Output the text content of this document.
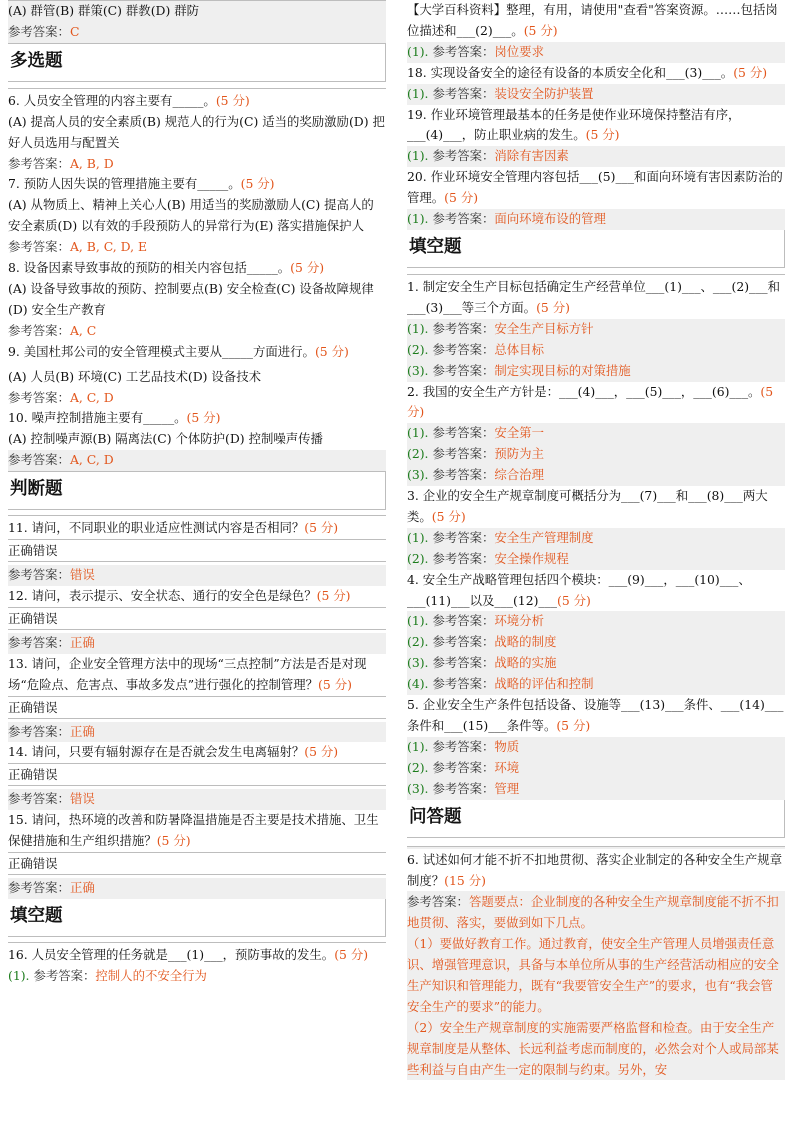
(A) 群管(B) 群策(C) 群教(D) 群防
参考答案：C
多选题
6. 人员安全管理的内容主要有_____。(5 分)
(A) 提高人员的安全素质(B) 规范人的行为(C) 适当的奖励激励(D) 把好人员选用与配置关
参考答案：A, B, D
7. 预防人因失误的管理措施主要有_____。(5 分)
(A) 从物质上、精神上关心人(B) 用适当的奖励激励人(C) 提高人的安全素质(D) 以有效的手段预防人的异常行为(E) 落实措施保护人
参考答案：A, B, C, D, E
8. 设备因素导致事故的预防的相关内容包括_____。(5 分)
(A) 设备导致事故的预防、控制要点(B) 安全检查(C) 设备故障规律(D) 安全生产教育
参考答案：A, C
9. 美国杜邦公司的安全管理模式主要从_____方面进行。(5 分)
(A) 人员(B) 环境(C) 工艺品技术(D) 设备技术
参考答案：A, C, D
10. 噪声控制措施主要有_____。(5 分)
(A) 控制噪声源(B) 隔离法(C) 个体防护(D) 控制噪声传播
参考答案：A, C, D
判断题
11. 请问，不同职业的职业适应性测试内容是否相同？(5 分)
正确错误
参考答案：错误
12. 请问，表示提示、安全状态、通行的安全色是绿色？(5 分)
正确错误
参考答案：正确
13. 请问，企业安全管理方法中的现场“三点控制”方法是否是对现场“危险点、危害点、事故多发点”进行强化的控制管理？(5 分)
正确错误
参考答案：正确
14. 请问，只要有辐射源存在是否就会发生电离辐射？(5 分)
正确错误
参考答案：错误
15. 请问，热环境的改善和防暑降温措施是否主要是技术措施、卫生保健措施和生产组织措施？(5 分)
正确错误
参考答案：正确
填空题
16. 人员安全管理的任务就是___(1)___，预防事故的发生。(5 分)
(1). 参考答案：控制人的不安全行为
【大学百科资料】整理，有用，请使用"查看"答案资源。……包括岗位描述和___(2)___。(5 分)
(1). 参考答案：岗位要求
18. 实现设备安全的途径有设备的本质安全化和___(3)___。(5 分)
(1). 参考答案：装设安全防护装置
19. 作业环境管理最基本的任务是使作业环境保持整洁有序，___(4)___，防止职业病的发生。(5 分)
(1). 参考答案：消除有害因素
20. 作业环境安全管理内容包括___(5)___和面向环境有害因素防治的管理。(5 分)
(1). 参考答案：面向环境布设的管理
填空题
1. 制定安全生产目标包括确定生产经营单位___(1)___、___(2)___和___(3)___等三个方面。(5 分)
(1). 参考答案：安全生产目标方针
(2). 参考答案：总体目标
(3). 参考答案：制定实现目标的对策措施
2. 我国的安全生产方针是：___(4)___，___(5)___，___(6)___。(5 分)
(1). 参考答案：安全第一
(2). 参考答案：预防为主
(3). 参考答案：综合治理
3. 企业的安全生产规章制度可概括分为___(7)___和___(8)___两大类。(5 分)
(1). 参考答案：安全生产管理制度
(2). 参考答案：安全操作规程
4. 安全生产战略管理包括四个模块：___(9)___，___(10)___、___(11)___以及___(12)___(5 分)
(1). 参考答案：环境分析
(2). 参考答案：战略的制度
(3). 参考答案：战略的实施
(4). 参考答案：战略的评估和控制
5. 企业安全生产条件包括设备、设施等___(13)___条件、___(14)___条件和___(15)___条件等。(5 分)
(1). 参考答案：物质
(2). 参考答案：环境
(3). 参考答案：管理
问答题
6. 试述如何才能不折不扣地贯彻、落实企业制定的各种安全生产规章制度？(15 分)
参考答案：答题要点：企业制度的各种安全生产规章制度能不折不扣地贯彻、落实，要做到如下几点。
（1）要做好教育工作。通过教育，使安全生产管理人员增强责任意识、增强管理意识，具备与本单位所从事的生产经营活动相应的安全生产知识和管理能力，既有“我要管安全生产”的要求，也有“我会管安全生产的要求”的能力。
（2）安全生产规章制度的实施需要严格监督和检查。由于安全生产规章制度是从整体、长远利益考虑而制度的，必然会对个人或局部某些利益与自由产生一定的限制与约束。另外，安
